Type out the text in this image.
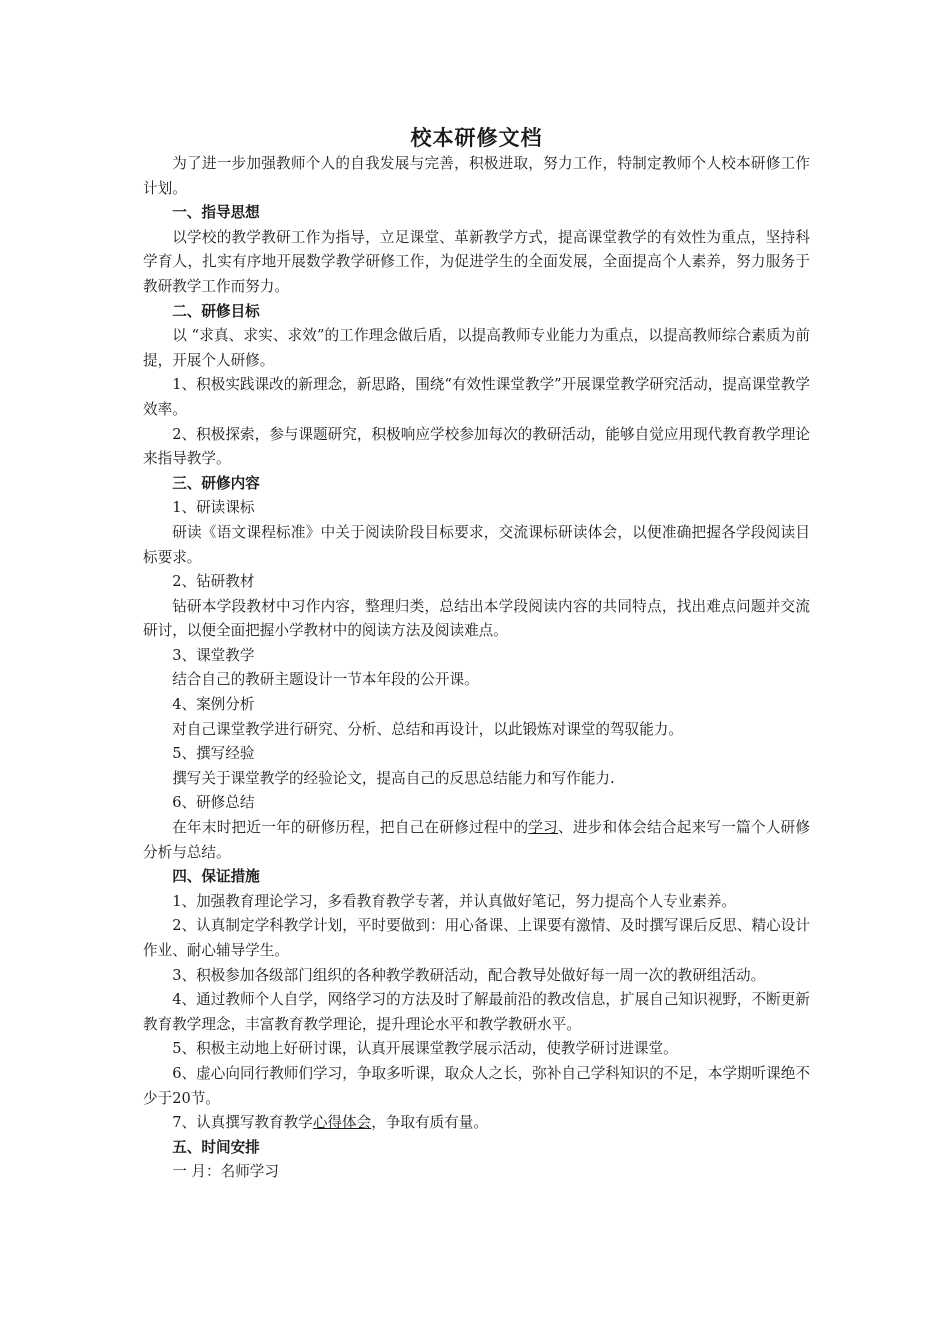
校本研修文档

为了进一步加强教师个人的自我发展与完善，积极进取，努力工作，特制定教师个人校本研修工作计划。

一、指导思想

以学校的教学教研工作为指导，立足课堂、革新教学方式，提高课堂教学的有效性为重点，坚持科学育人，扎实有序地开展数学教学研修工作，为促进学生的全面发展，全面提高个人素养，努力服务于教研教学工作而努力。

二、研修目标

以 “求真、求实、求效”的工作理念做后盾，以提高教师专业能力为重点，以提高教师综合素质为前提，开展个人研修。

1、积极实践课改的新理念，新思路，围绕“有效性课堂教学”开展课堂教学研究活动，提高课堂教学效率。

2、积极探索，参与课题研究，积极响应学校参加每次的教研活动，能够自觉应用现代教育教学理论来指导教学。

三、研修内容

1、研读课标

研读《语文课程标准》中关于阅读阶段目标要求，交流课标研读体会，以便准确把握各学段阅读目标要求。

2、钻研教材

钻研本学段教材中习作内容，整理归类，总结出本学段阅读内容的共同特点，找出难点问题并交流研讨，以便全面把握小学教材中的阅读方法及阅读难点。

3、课堂教学

结合自己的教研主题设计一节本年段的公开课。

4、案例分析

对自己课堂教学进行研究、分析、总结和再设计，以此锻炼对课堂的驾驭能力。

5、撰写经验

撰写关于课堂教学的经验论文，提高自己的反思总结能力和写作能力.

6、研修总结

在年末时把近一年的研修历程，把自己在研修过程中的学习、进步和体会结合起来写一篇个人研修分析与总结。

四、保证措施

1、加强教育理论学习，多看教育教学专著，并认真做好笔记，努力提高个人专业素养。

2、认真制定学科教学计划，平时要做到：用心备课、上课要有激情、及时撰写课后反思、精心设计作业、耐心辅导学生。

3、积极参加各级部门组织的各种教学教研活动，配合教导处做好每一周一次的教研组活动。

4、通过教师个人自学，网络学习的方法及时了解最前沿的教改信息，扩展自己知识视野，不断更新教育教学理念，丰富教育教学理论，提升理论水平和教学教研水平。

5、积极主动地上好研讨课，认真开展课堂教学展示活动，使教学研讨进课堂。

6、虚心向同行教师们学习，争取多听课，取众人之长，弥补自己学科知识的不足，本学期听课绝不少于20节。

7、认真撰写教育教学心得体会，争取有质有量。

五、时间安排

一 月：名师学习
